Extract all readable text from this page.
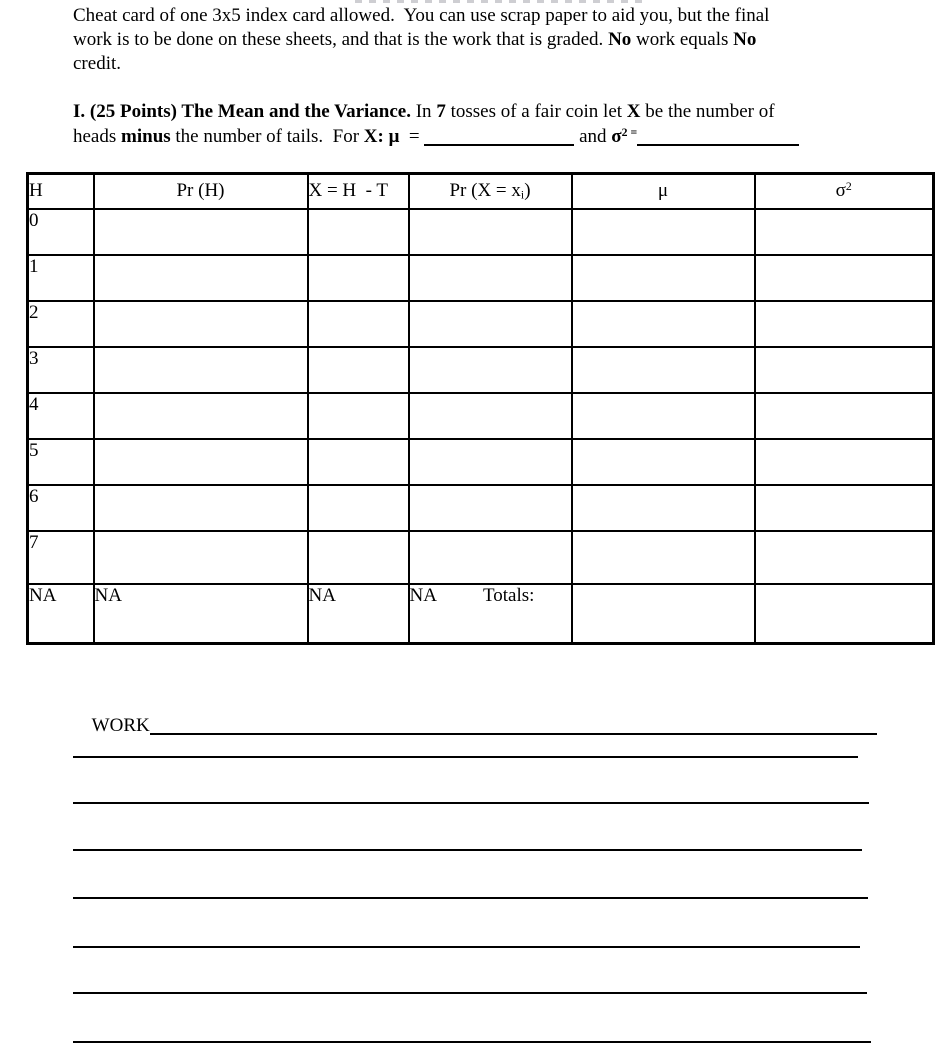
Cheat card of one 3x5 index card allowed.  You can use scrap paper to aid you, but the final
work is to be done on these sheets, and that is the work that is graded. No work equals No
credit.
I. (25 Points) The Mean and the Variance. In 7 tosses of a fair coin let X be the number of
heads minus the number of tails.  For X: μ  =	and $\sigma^{2 =}$
H	Pr (H)	X = H  - T	Pr $(X = x_i)$	μ	$\sigma^2$
0					
1					
2					
3					
4					
5					
6					
7					
NA	NA	NA	NA Totals:		

WORK
